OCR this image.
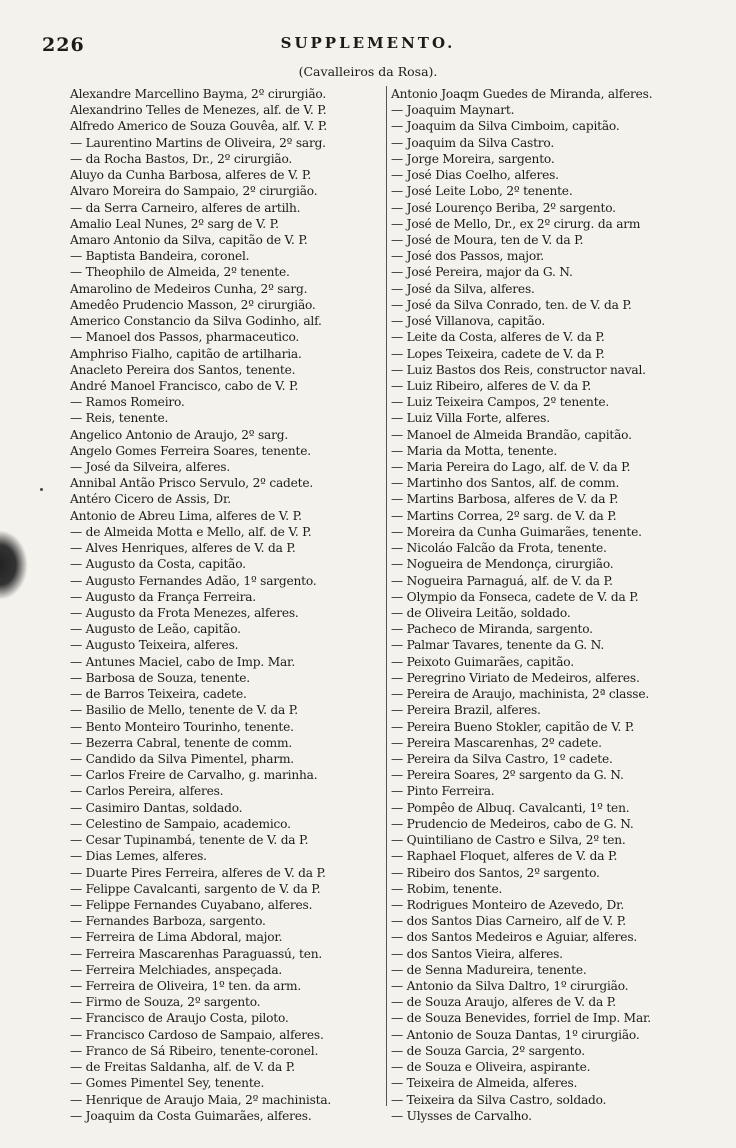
226	SUPPLEMENTO.
(Cavalleiros da Rosa).
Alexandre Marcellino Bayma, 2º cirurgião.
Alexandrino Telles de Menezes, alf. de V. P.
Alfredo Americo de Souza Gouvêa, alf. V. P.
— Laurentino Martins de Oliveira, 2º sarg.
— da Rocha Bastos, Dr., 2º cirurgião.
Aluyo da Cunha Barbosa, alferes de V. P.
Alvaro Moreira do Sampaio, 2º cirurgião.
— da Serra Carneiro, alferes de artilh.
Amalio Leal Nunes, 2º sarg de V. P.
Amaro Antonio da Silva, capitão de V. P.
— Baptista Bandeira, coronel.
— Theophilo de Almeida, 2º tenente.
Amarolino de Medeiros Cunha, 2º sarg.
Amedêo Prudencio Masson, 2º cirurgião.
Americo Constancio da Silva Godinho, alf.
— Manoel dos Passos, pharmaceutico.
Amphriso Fialho, capitão de artilharia.
Anacleto Pereira dos Santos, tenente.
André Manoel Francisco, cabo de V. P.
— Ramos Romeiro.
— Reis, tenente.
Angelico Antonio de Araujo, 2º sarg.
Angelo Gomes Ferreira Soares, tenente.
— José da Silveira, alferes.
Annibal Antão Prisco Servulo, 2º cadete.
Antéro Cicero de Assis, Dr.
Antonio de Abreu Lima, alferes de V. P.
— de Almeida Motta e Mello, alf. de V. P.
— Alves Henriques, alferes de V. da P.
— Augusto da Costa, capitão.
— Augusto Fernandes Adão, 1º sargento.
— Augusto da França Ferreira.
— Augusto da Frota Menezes, alferes.
— Augusto de Leão, capitão.
— Augusto Teixeira, alferes.
— Antunes Maciel, cabo de Imp. Mar.
— Barbosa de Souza, tenente.
— de Barros Teixeira, cadete.
— Basilio de Mello, tenente de V. da P.
— Bento Monteiro Tourinho, tenente.
— Bezerra Cabral, tenente de comm.
— Candido da Silva Pimentel, pharm.
— Carlos Freire de Carvalho, g. marinha.
— Carlos Pereira, alferes.
— Casimiro Dantas, soldado.
— Celestino de Sampaio, academico.
— Cesar Tupinambá, tenente de V. da P.
— Dias Lemes, alferes.
— Duarte Pires Ferreira, alferes de V. da P.
— Felippe Cavalcanti, sargento de V. da P.
— Felippe Fernandes Cuyabano, alferes.
— Fernandes Barboza, sargento.
— Ferreira de Lima Abdoral, major.
— Ferreira Mascarenhas Paraguassú, ten.
— Ferreira Melchiades, anspeçada.
— Ferreira de Oliveira, 1º ten. da arm.
— Firmo de Souza, 2º sargento.
— Francisco de Araujo Costa, piloto.
— Francisco Cardoso de Sampaio, alferes.
— Franco de Sá Ribeiro, tenente-coronel.
— de Freitas Saldanha, alf. de V. da P.
— Gomes Pimentel Sey, tenente.
— Henrique de Araujo Maia, 2º machinista.
— Joaquim da Costa Guimarães, alferes.
Antonio Joaqm Guedes de Miranda, alferes.
— Joaquim Maynart.
— Joaquim da Silva Cimboim, capitão.
— Joaquim da Silva Castro.
— Jorge Moreira, sargento.
— José Dias Coelho, alferes.
— José Leite Lobo, 2º tenente.
— José Lourenço Beriba, 2º sargento.
— José de Mello, Dr., ex 2º cirurg. da arm
— José de Moura, ten de V. da P.
— José dos Passos, major.
— José Pereira, major da G. N.
— José da Silva, alferes.
— José da Silva Conrado, ten. de V. da P.
— José Villanova, capitão.
— Leite da Costa, alferes de V. da P.
— Lopes Teixeira, cadete de V. da P.
— Luiz Bastos dos Reis, constructor naval.
— Luiz Ribeiro, alferes de V. da P.
— Luiz Teixeira Campos, 2º tenente.
— Luiz Villa Forte, alferes.
— Manoel de Almeida Brandão, capitão.
— Maria da Motta, tenente.
— Maria Pereira do Lago, alf. de V. da P.
— Martinho dos Santos, alf. de comm.
— Martins Barbosa, alferes de V. da P.
— Martins Correa, 2º sarg. de V. da P.
— Moreira da Cunha Guimarães, tenente.
— Nicoláo Falcão da Frota, tenente.
— Nogueira de Mendonça, cirurgião.
— Nogueira Parnaguá, alf. de V. da P.
— Olympio da Fonseca, cadete de V. da P.
— de Oliveira Leitão, soldado.
— Pacheco de Miranda, sargento.
— Palmar Tavares, tenente da G. N.
— Peixoto Guimarães, capitão.
— Peregrino Viriato de Medeiros, alferes.
— Pereira de Araujo, machinista, 2ª classe.
— Pereira Brazil, alferes.
— Pereira Bueno Stokler, capitão de V. P.
— Pereira Mascarenhas, 2º cadete.
— Pereira da Silva Castro, 1º cadete.
— Pereira Soares, 2º sargento da G. N.
— Pinto Ferreira.
— Pompêo de Albuq. Cavalcanti, 1º ten.
— Prudencio de Medeiros, cabo de G. N.
— Quintiliano de Castro e Silva, 2º ten.
— Raphael Floquet, alferes de V. da P.
— Ribeiro dos Santos, 2º sargento.
— Robim, tenente.
— Rodrigues Monteiro de Azevedo, Dr.
— dos Santos Dias Carneiro, alf de V. P.
— dos Santos Medeiros e Aguiar, alferes.
— dos Santos Vieira, alferes.
— de Senna Madureira, tenente.
— Antonio da Silva Daltro, 1º cirurgião.
— de Souza Araujo, alferes de V. da P.
— de Souza Benevides, forriel de Imp. Mar.
— Antonio de Souza Dantas, 1º cirurgião.
— de Souza Garcia, 2º sargento.
— de Souza e Oliveira, aspirante.
— Teixeira de Almeida, alferes.
— Teixeira da Silva Castro, soldado.
— Ulysses de Carvalho.
